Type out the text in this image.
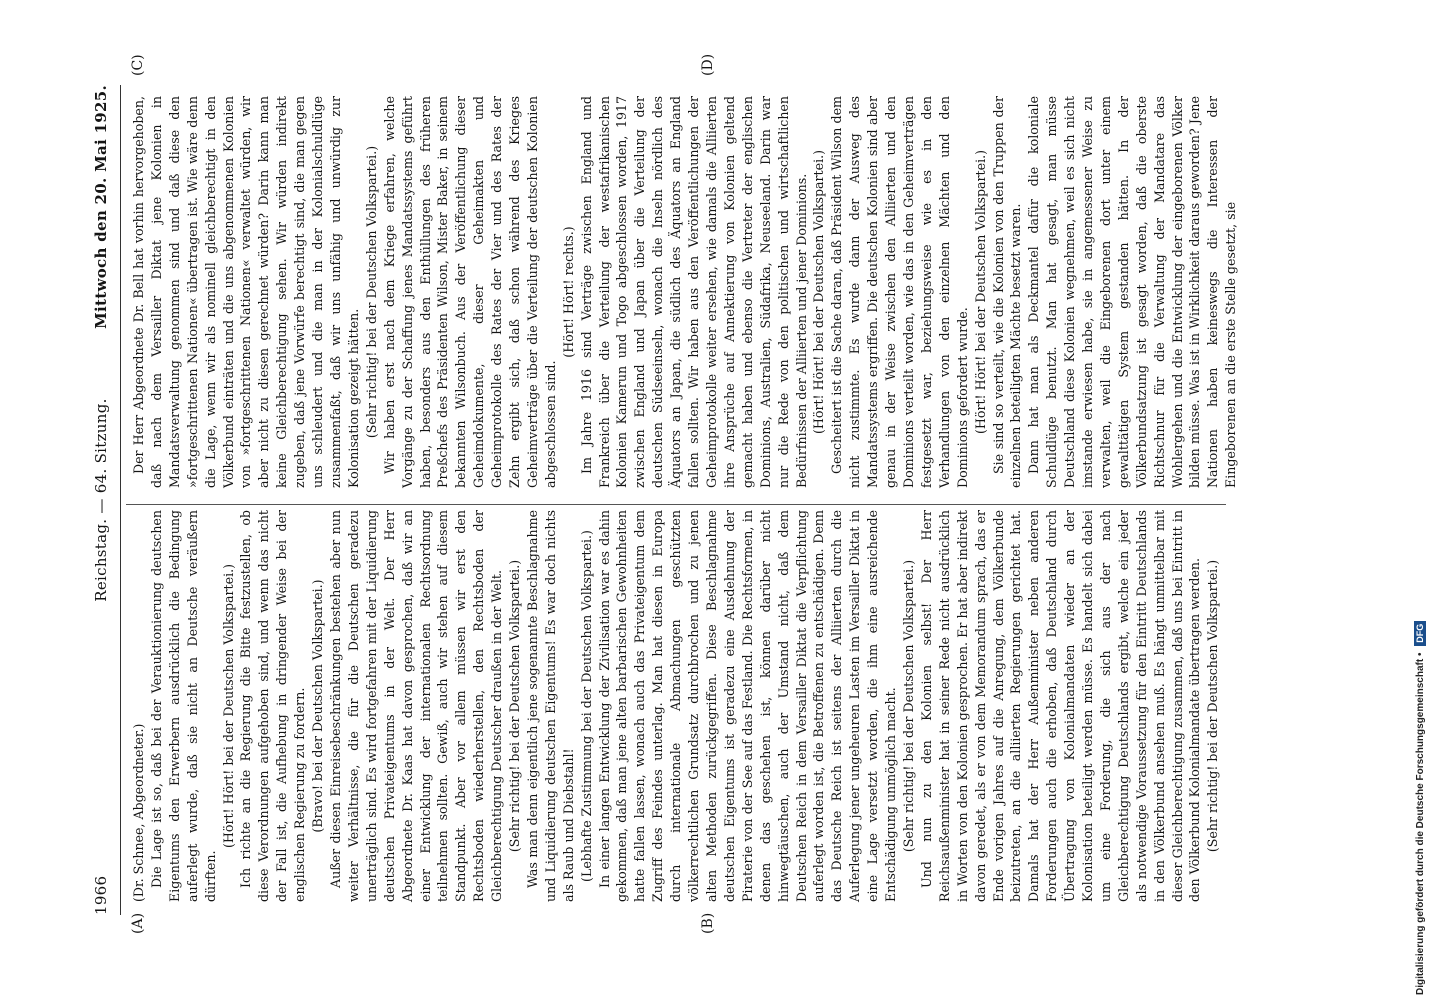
1966
Reichstag. — 64. Sitzung.
Mittwoch den 20. Mai 1925.
(A)	(B)
(C)	(D)

(Dr. Schnee, Abgeordneter.) Die Lage ist so, daß bei der Verauktionierung deutschen Eigentums den Erwerbern ausdrücklich die Bedingung auferlegt wurde, daß sie nicht an Deutsche veräußern dürften.

(Hört! Hört! bei der Deutschen Volkspartei.) Ich richte an die Regierung die Bitte festzustellen, ob diese Verordnungen aufgehoben sind, und wenn das nicht der Fall ist, die Aufhebung in dringender Weise bei der englischen Regierung zu fordern. (Bravo! bei der Deutschen Volkspartei.) Außer diesen Einreisebeschränkungen bestehen aber nun weiter Verhältnisse, die für die Deutschen geradezu unerträglich sind. Es wird fortgefahren mit der Liquidierung deutschen Privateigentums in der Welt. Der Herr Abgeordnete Dr. Kaas hat davon gesprochen, daß wir an einer Entwicklung der internationalen Rechtsordnung teilnehmen sollten. Gewiß, auch wir stehen auf diesem Standpunkt. Aber vor allem müssen wir erst den Rechtsboden wiederherstellen, den Rechtsboden der Gleichberechtigung Deutscher draußen in der Welt. (Sehr richtig! bei der Deutschen Volkspartei.) Was man denn eigentlich jene sogenannte Beschlagnahme und Liquidierung deutschen Eigentums! Es war doch nichts als Raub und Diebstahl! (Lebhafte Zustimmung bei der Deutschen Volkspartei.) In einer langen Entwicklung der Zivilisation war es dahin gekommen, daß man jene alten barbarischen Gewohnheiten hatte fallen lassen, wonach auch das Privateigentum dem Zugriff des Feindes unterlag. Man hat diesen in Europa durch internationale Abmachungen geschützten völkerrechtlichen Grundsatz durchbrochen und zu jenen alten Methoden zurückgegriffen. Diese Beschlagnahme deutschen Eigentums ist geradezu eine Ausdehnung der Piraterie von der See auf das Festland. Die Rechtsformen, in denen das geschehen ist, können darüber nicht hinwegtäuschen, auch der Umstand nicht, daß dem Deutschen Reich in dem Versailler Diktat die Verpflichtung auferlegt worden ist, die Betroffenen zu entschädigen. Denn das Deutsche Reich ist seitens der Alliierten durch die Auferlegung jener ungeheuren Lasten im Versailler Diktat in eine Lage versetzt worden, die ihm eine ausreichende Entschädigung unmöglich macht. (Sehr richtig! bei der Deutschen Volkspartei.) Und nun zu den Kolonien selbst! Der Herr Reichsaußenminister hat in seiner Rede nicht ausdrücklich in Worten von den Kolonien gesprochen. Er hat aber indirekt davon geredet, als er von dem Memorandum sprach, das er Ende vorigen Jahres auf die Anregung, dem Völkerbunde beizutreten, an die alliierten Regierungen gerichtet hat. Damals hat der Herr Außenminister neben anderen Forderungen auch die erhoben, daß Deutschland durch Übertragung von Kolonialmandaten wieder an der Kolonisation beteiligt werden müsse. Es handelt sich dabei um eine Forderung, die sich aus der nach Gleichberechtigung Deutschlands ergibt, welche ein jeder als notwendige Voraussetzung für den Eintritt Deutschlands in den Völkerbund ansehen muß. Es hängt unmittelbar mit dieser Gleichberechtigung zusammen, daß uns bei Eintritt in den Völkerbund Kolonialmandate übertragen werden. (Sehr richtig! bei der Deutschen Volkspartei.)

Der Herr Abgeordnete Dr. Bell hat vorhin hervorgehoben, daß nach dem Versailler Diktat jene Kolonien in Mandatsverwaltung genommen sind und daß diese den »fortgeschrittenen Nationen« übertragen ist. Wie wäre denn die Lage, wenn wir als nominell gleichberechtigt in den Völkerbund einträten und die uns abgenommenen Kolonien von »fortgeschrittenen Nationen« verwaltet würden, wir aber nicht zu diesen gerechnet würden? Darin kann man keine Gleichberechtigung sehen. Wir würden indirekt zugeben, daß jene Vorwürfe berechtigt sind, die man gegen uns schleudert und die man in der Kolonialschuldlüge zusammenfaßt, daß wir uns unfähig und unwürdig zur Kolonisation gezeigt hätten. (Sehr richtig! bei der Deutschen Volkspartei.) Wir haben erst nach dem Kriege erfahren, welche Vorgänge zu der Schaffung jenes Mandatssystems geführt haben, besonders aus den Enthüllungen des früheren Preßchefs des Präsidenten Wilson, Mister Baker, in seinem bekannten Wilsonbuch. Aus der Veröffentlichung dieser Geheimdokumente, dieser Geheimakten und Geheimprotokolle des Rates der Vier und des Rates der Zehn ergibt sich, daß schon während des Krieges Geheimverträge über die Verteilung der deutschen Kolonien abgeschlossen sind.

(Hört! Hört! rechts.) Im Jahre 1916 sind Verträge zwischen England und Frankreich über die Verteilung der westafrikanischen Kolonien Kamerun und Togo abgeschlossen worden, 1917 zwischen England und Japan über die Verteilung der deutschen Südseeinseln, wonach die Inseln nördlich des Äquators an Japan, die südlich des Äquators an England fallen sollten. Wir haben aus den Veröffentlichungen der Geheimprotokolle weiter ersehen, wie damals die Alliierten ihre Ansprüche auf Annektierung von Kolonien geltend gemacht haben und ebenso die Vertreter der englischen Dominions, Australien, Südafrika, Neuseeland. Darin war nur die Rede von den politischen und wirtschaftlichen Bedürfnissen der Alliierten und jener Dominions. (Hört! Hört! bei der Deutschen Volkspartei.) Gescheitert ist die Sache daran, daß Präsident Wilson dem nicht zustimmte. Es wurde dann der Ausweg des Mandatssystems ergriffen. Die deutschen Kolonien sind aber genau in der Weise zwischen den Alliierten und den Dominions verteilt worden, wie das in den Geheimverträgen festgesetzt war, beziehungsweise wie es in den Verhandlungen von den einzelnen Mächten und den Dominions gefordert wurde. (Hört! Hört! bei der Deutschen Volkspartei.) Sie sind so verteilt, wie die Kolonien von den Truppen der einzelnen beteiligten Mächte besetzt waren. Dann hat man als Deckmantel dafür die koloniale Schuldlüge benutzt. Man hat gesagt, man müsse Deutschland diese Kolonien wegnehmen, weil es sich nicht imstande erwiesen habe, sie in angemessener Weise zu verwalten, weil die Eingeborenen dort unter einem gewalttätigen System gestanden hätten. In der Völkerbundsatzung ist gesagt worden, daß die oberste Richtschnur für die Verwaltung der Mandatare das Wohlergehen und die Entwicklung der eingeborenen Völker bilden müsse. Was ist in Wirklichkeit daraus geworden? Jene Nationen haben keineswegs die Interessen der Eingeborenen an die erste Stelle gesetzt, sie

Digitalisierung gefördert durch die Deutsche Forschungsgemeinschaft • DFG
